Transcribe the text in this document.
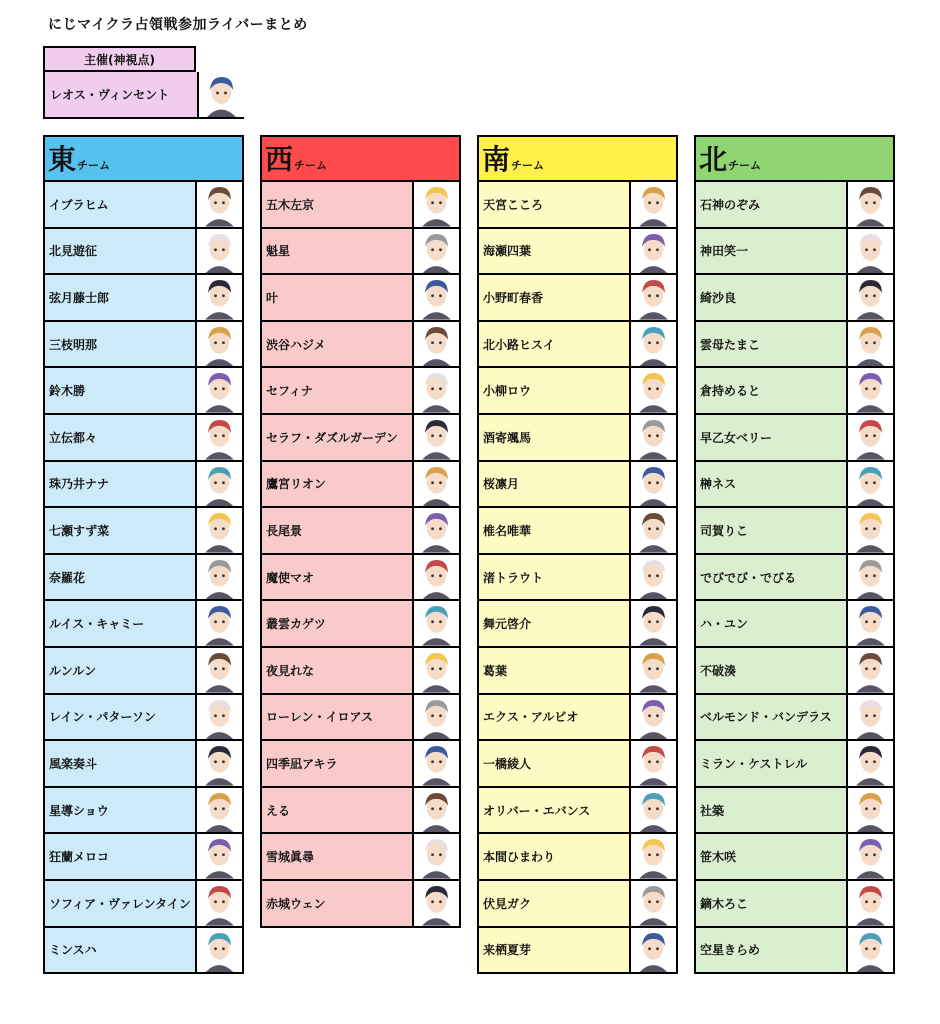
にじマイクラ占領戦参加ライバーまとめ
主催(神視点)
レオス・ヴィンセント
東 チーム
イブラヒム
北見遊征
弦月藤士郎
三枝明那
鈴木勝
立伝都々
珠乃井ナナ
七瀬すず菜
奈羅花
ルイス・キャミー
ルンルン
レイン・パターソン
風楽奏斗
星導ショウ
狂蘭メロコ
ソフィア・ヴァレンタイン
ミンスハ
西 チーム
五木左京
魁星
叶
渋谷ハジメ
セフィナ
セラフ・ダズルガーデン
鷹宮リオン
長尾景
魔使マオ
叢雲カゲツ
夜見れな
ローレン・イロアス
四季凪アキラ
える
雪城眞尋
赤城ウェン
南 チーム
天宮こころ
海瀬四葉
小野町春香
北小路ヒスイ
小柳ロウ
酒寄颯馬
桜凛月
椎名唯華
渚トラウト
舞元啓介
葛葉
エクス・アルビオ
一橋綾人
オリバー・エバンス
本間ひまわり
伏見ガク
来栖夏芽
北 チーム
石神のぞみ
神田笑一
綺沙良
雲母たまこ
倉持めると
早乙女ベリー
榊ネス
司賀りこ
でびでび・でびる
ハ・ユン
不破湊
ベルモンド・バンデラス
ミラン・ケストレル
社築
笹木咲
鏑木ろこ
空星きらめ
